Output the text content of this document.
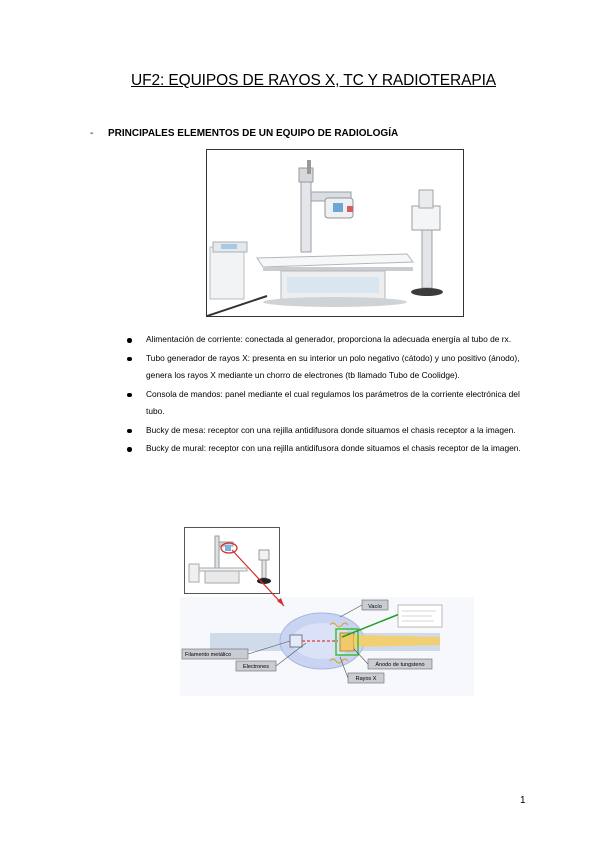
UF2: EQUIPOS DE RAYOS X, TC Y RADIOTERAPIA
- PRINCIPALES ELEMENTOS DE UN EQUIPO DE RADIOLOGÍA
Alimentación de corriente: conectada al generador, proporciona la adecuada energía al tubo de rx.
Tubo generador de rayos X: presenta en su interior un polo negativo (cátodo) y uno positivo (ánodo), genera los rayos X mediante un chorro de electrones (tb llamado Tubo de Coolidge).
Consola de mandos: panel mediante el cual regulamos los parámetros de la corriente electrónica del tubo.
Bucky de mesa: receptor con una rejilla antidifusora donde situamos el chasis receptor a la imagen.
Bucky de mural: receptor con una rejilla antidifusora donde situamos el chasis receptor de la imagen.
Vacío
Filamento metálico
Electrones	Ánodo de tungsteno
Rayos X
1
